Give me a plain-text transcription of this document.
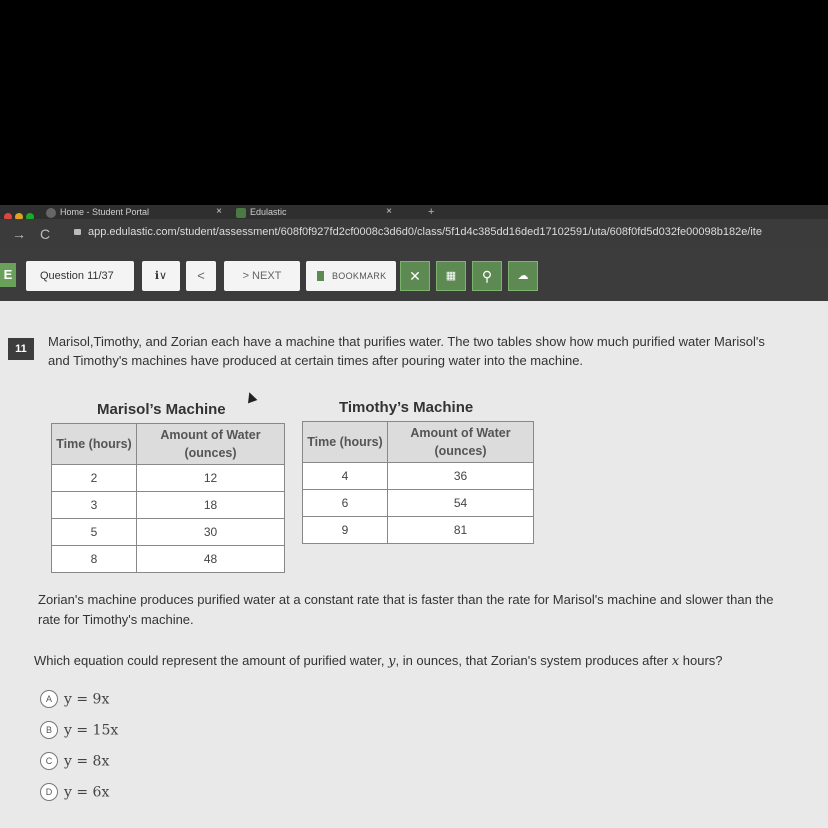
Home - Student Portal	×	Edulastic	×	+
→ C	app.edulastic.com/student/assessment/608f0f927fd2cf0008c3d6d0/class/5f1d4c385dd16ded17102591/uta/608f0fd5d032fe00098b182e/ite
E	Question 11/37	ℹ∨	<	> NEXT	BOOKMARK	✕	▦	⚲	☁
11	Marisol,Timothy, and Zorian each have a machine that purifies water. The two tables show how much purified water Marisol's and Timothy's machines have produced at certain times after pouring water into the machine.
Marisol’s Machine
Time (hours)	Amount of Water (ounces)
2	12
3	18
5	30
8	48
Timothy’s Machine
Time (hours)	Amount of Water (ounces)
4	36
6	54
9	81
Zorian's machine produces purified water at a constant rate that is faster than the rate for Marisol's machine and slower than the rate for Timothy's machine.
Which equation could represent the amount of purified water, y, in ounces, that Zorian's system produces after x hours?
A y = 9x
B y = 15x
C y = 8x
D y = 6x
